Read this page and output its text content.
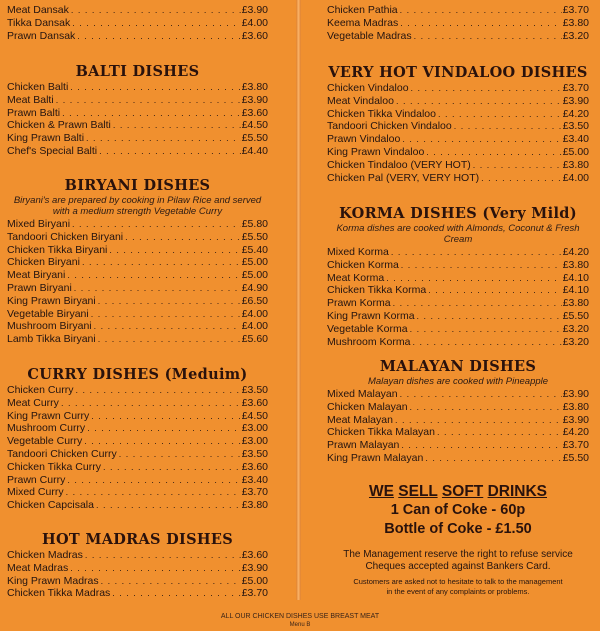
Meat Dansak . . .	£3.90
Tikka Dansak . . .	£4.00
Prawn Dansak . . .	£3.60
BALTI DISHES
Chicken Balti . . .	£3.80
Meat Balti . . .	£3.90
Prawn Balti . . .	£3.60
Chicken & Prawn Balti . . .	£4.50
King Prawn Balti . . .	£5.50
Chef's Special Balti . . .	£4.40
BIRYANI DISHES

Biryani's are prepared by cooking in Pilaw Rice and served with a medium strength Vegetable Curry

Mixed Biryani . . .	£5.80
Tandoori Chicken Biryani . . .	£5.50
Chicken Tikka Biryani . . .	£5.40
Chicken Biryani . . .	£5.00
Meat Biryani . . .	£5.00
Prawn Biryani . . .	£4.90
King Prawn Biryani . . .	£6.50
Vegetable Biryani . . .	£4.00
Mushroom Biryani . . .	£4.00
Lamb Tikka Biryani . . .	£5.60
CURRY DISHES (Meduim)
Chicken Curry . . .	£3.50
Meat Curry . . .	£3.60
King Prawn Curry . . .	£4.50
Mushroom Curry . . .	£3.00
Vegetable Curry . . .	£3.00
Tandoori Chicken Curry . . .	£3.50
Chicken Tikka Curry . . .	£3.60
Prawn Curry . . .	£3.40
Mixed Curry . . .	£3.70
Chicken Capcisala . . .	£3.80
HOT MADRAS DISHES
Chicken Madras . . .	£3.60
Meat Madras . . .	£3.90
King Prawn Madras . . .	£5.00
Chicken Tikka Madras . . .	£3.70
Chicken Pathia . . .	£3.70
Keema Madras . . .	£3.80
Vegetable Madras . . .	£3.20
VERY HOT VINDALOO DISHES
Chicken Vindaloo . . .	£3.70
Meat Vindaloo . . .	£3.90
Chicken Tikka Vindaloo . . .	£4.20
Tandoori Chicken Vindaloo . . .	£3.50
Prawn Vindaloo . . .	£3.40
King Prawn Vindaloo . . .	£5.00
Chicken Tindaloo (VERY HOT) . . .	£3.80
Chicken Pal (VERY, VERY HOT) . . .	£4.00
KORMA DISHES (Very Mild)

Korma dishes are cooked with Almonds, Coconut & Fresh Cream

Mixed Korma . . .	£4.20
Chicken Korma . . .	£3.80
Meat Korma . . .	£4.10
Chicken Tikka Korma . . .	£4.10
Prawn Korma . . .	£3.80
King Prawn Korma . . .	£5.50
Vegetable Korma . . .	£3.20
Mushroom Korma . . .	£3.20
MALAYAN DISHES

Malayan dishes are cooked with Pineapple

Mixed Malayan . . .	£3.90
Chicken Malayan . . .	£3.80
Meat Malayan . . .	£3.90
Chicken Tikka Malayan . . .	£4.20
Prawn Malayan . . .	£3.70
King Prawn Malayan . . .	£5.50

WE SELL SOFT DRINKS

1 Can of Coke - 60p

Bottle of Coke - £1.50

The Management reserve the right to refuse service

Cheques accepted against Bankers Card.

Customers are asked not to hesitate to talk to the management

in the event of any complaints or problems.

ALL OUR CHICKEN DISHES USE BREAST MEAT
Menu B
